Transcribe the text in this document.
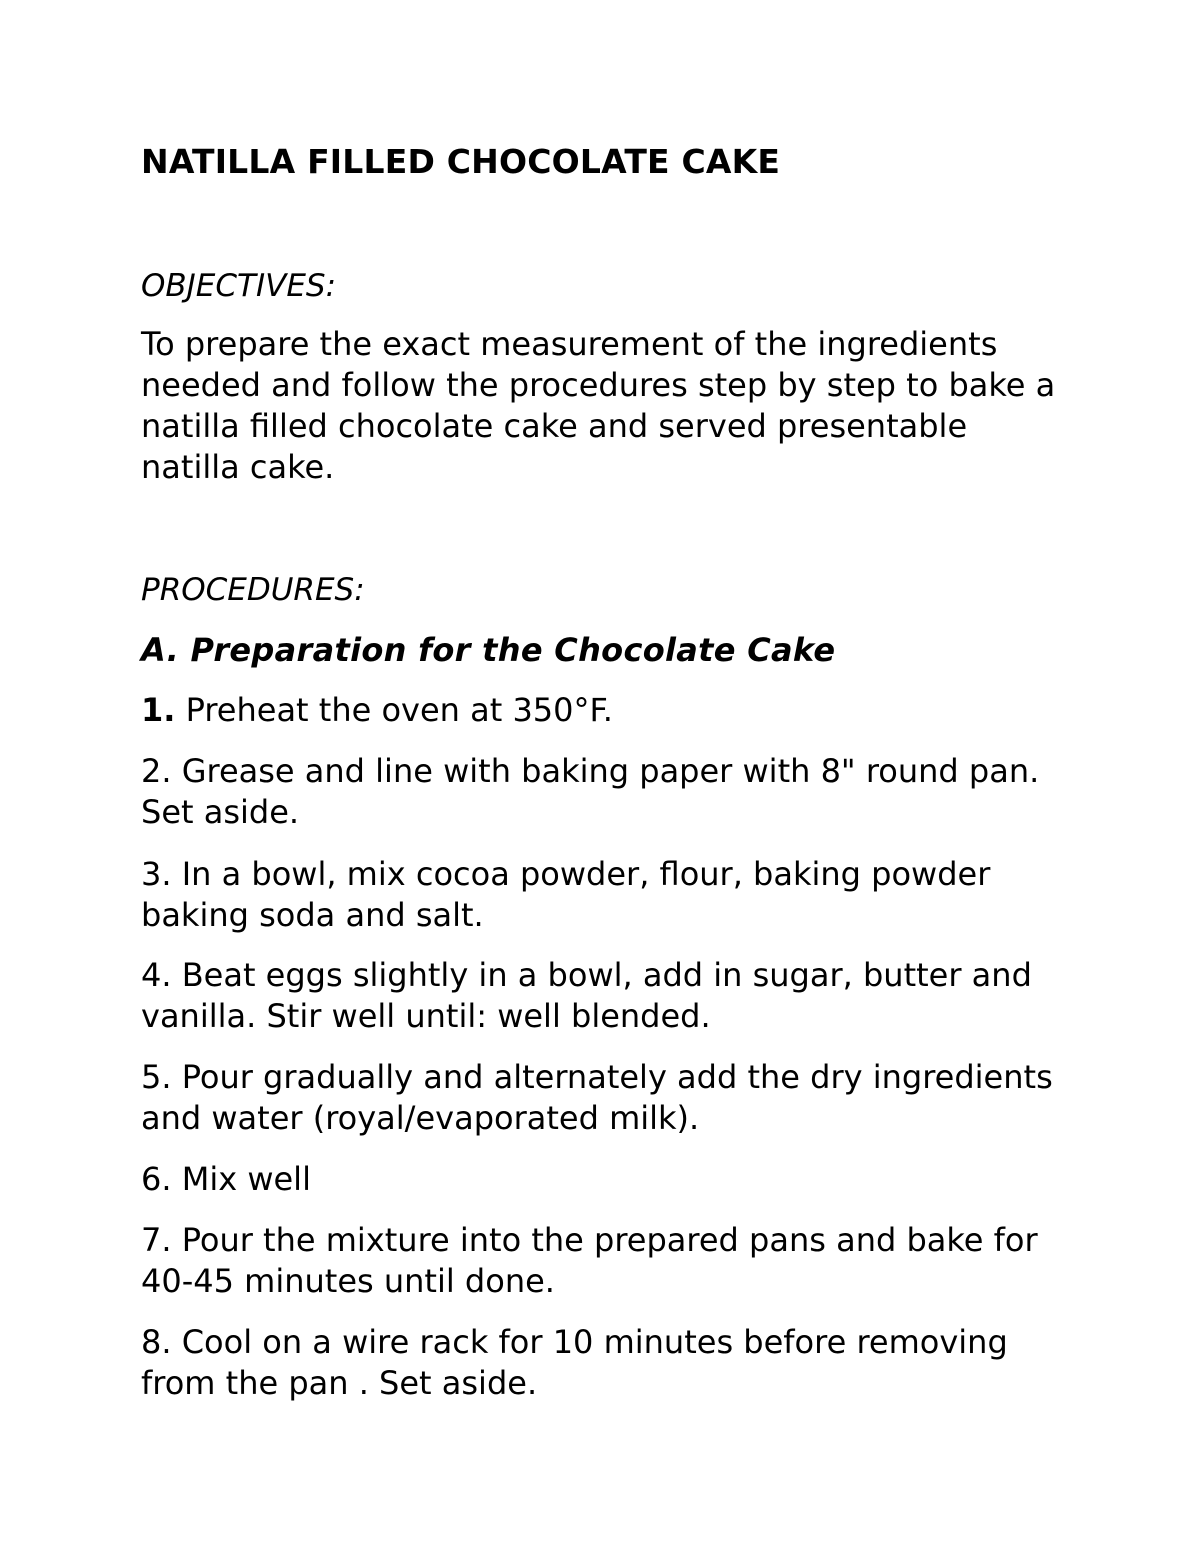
NATILLA FILLED CHOCOLATE CAKE
OBJECTIVES:
To prepare the exact measurement of the ingredients needed and follow the procedures step by step to bake a natilla filled chocolate cake and served presentable natilla cake.
PROCEDURES:
A. Preparation for the Chocolate Cake
1. Preheat the oven at 350°F.
2. Grease and line with baking paper with 8" round pan. Set aside.
3. In a bowl, mix cocoa powder, flour, baking powder baking soda and salt.
4. Beat eggs slightly in a bowl, add in sugar, butter and vanilla. Stir well until: well blended.
5. Pour gradually and alternately add the dry ingredients and water (royal/evaporated milk).
6. Mix well
7. Pour the mixture into the prepared pans and bake for 40-45 minutes until done.
8. Cool on a wire rack for 10 minutes before removing from the pan . Set aside.
